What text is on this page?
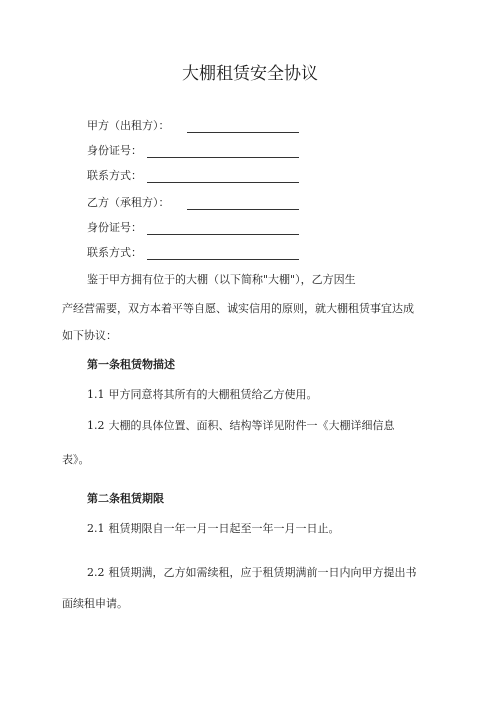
大棚租赁安全协议
甲方（出租方）：
身份证号：
联系方式：
乙方（承租方）：
身份证号：
联系方式：
鉴于甲方拥有位于的大棚（以下简称"大棚"），乙方因生
产经营需要，双方本着平等自愿、诚实信用的原则，就大棚租赁事宜达成
如下协议：
第一条租赁物描述
1.1 甲方同意将其所有的大棚租赁给乙方使用。
1.2 大棚的具体位置、面积、结构等详见附件一《大棚详细信息
表》。
第二条租赁期限
2.1 租赁期限自一年一月一日起至一年一月一日止。
2.2 租赁期满，乙方如需续租，应于租赁期满前一日内向甲方提出书
面续租申请。
